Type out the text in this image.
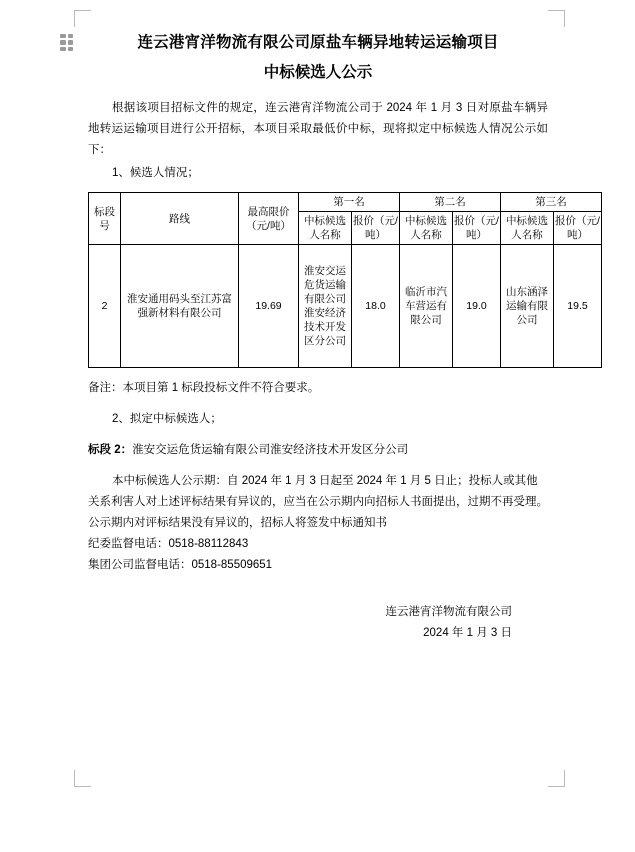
连云港宵洋物流有限公司原盐车辆异地转运运输项目
中标候选人公示
根据该项目招标文件的规定，连云港宵洋物流公司于 2024 年 1 月 3 日对原盐车辆异地转运运输项目进行公开招标，本项目采取最低价中标，现将拟定中标候选人情况公示如下：
1、候选人情况；
标段号	路线	最高限价（元/吨）	第一名		第二名		第三名	
			中标候选人名称	报价（元/吨）	中标候选人名称	报价（元/吨）	中标候选人名称	报价（元/吨）
2	淮安通用码头至江苏富强新材料有限公司	19.69	淮安交运危货运输有限公司淮安经济技术开发区分公司	18.0	临沂市汽车营运有限公司	19.0	山东涵泽运输有限公司	19.5
备注：本项目第 1 标段投标文件不符合要求。
2、拟定中标候选人；
标段 2：淮安交运危货运输有限公司淮安经济技术开发区分公司
本中标候选人公示期：自 2024 年 1 月 3 日起至 2024 年 1 月 5 日止；投标人或其他关系利害人对上述评标结果有异议的，应当在公示期内向招标人书面提出，过期不再受理。公示期内对评标结果没有异议的，招标人将签发中标通知书
纪委监督电话：0518-88112843
集团公司监督电话：0518-85509651
连云港宵洋物流有限公司
2024 年 1 月 3 日
